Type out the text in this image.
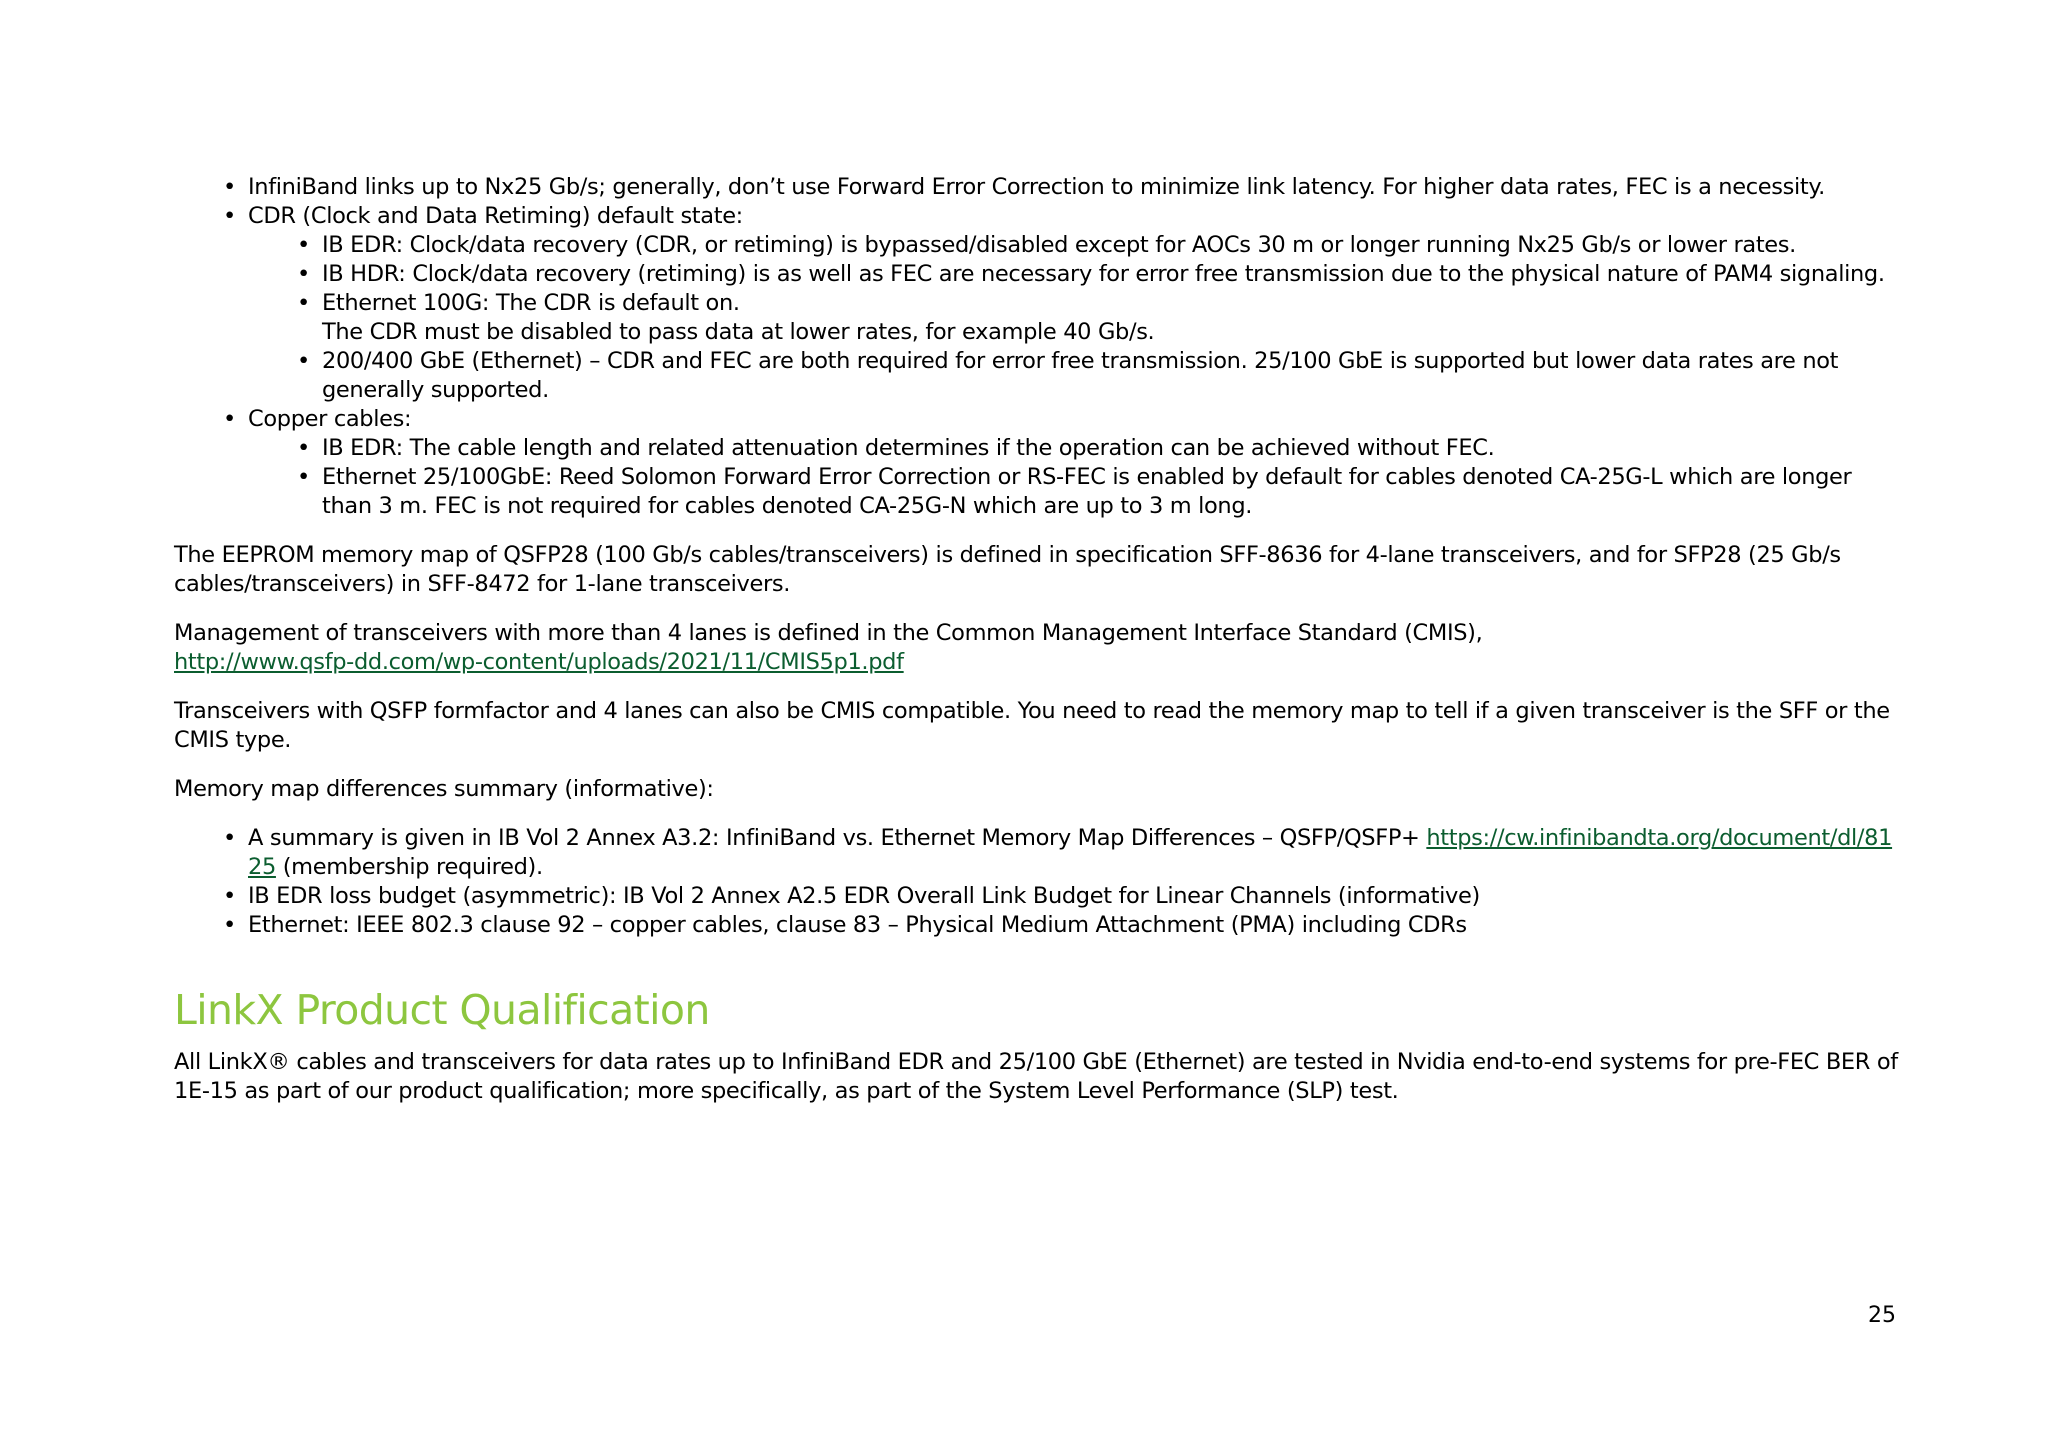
• InfiniBand links up to Nx25 Gb/s; generally, don’t use Forward Error Correction to minimize link latency. For higher data rates, FEC is a necessity.
• CDR (Clock and Data Retiming) default state:
• IB EDR: Clock/data recovery (CDR, or retiming) is bypassed/disabled except for AOCs 30 m or longer running Nx25 Gb/s or lower rates.
• IB HDR: Clock/data recovery (retiming) is as well as FEC are necessary for error free transmission due to the physical nature of PAM4 signaling.
• Ethernet 100G: The CDR is default on.
The CDR must be disabled to pass data at lower rates, for example 40 Gb/s.
• 200/400 GbE (Ethernet) – CDR and FEC are both required for error free transmission. 25/100 GbE is supported but lower data rates are not generally supported.
• Copper cables:
• IB EDR: The cable length and related attenuation determines if the operation can be achieved without FEC.
• Ethernet 25/100GbE: Reed Solomon Forward Error Correction or RS-FEC is enabled by default for cables denoted CA-25G-L which are longer than 3 m. FEC is not required for cables denoted CA-25G-N which are up to 3 m long.

The EEPROM memory map of QSFP28 (100 Gb/s cables/transceivers) is defined in specification SFF-8636 for 4-lane transceivers, and for SFP28 (25 Gb/s cables/transceivers) in SFF-8472 for 1-lane transceivers.

Management of transceivers with more than 4 lanes is defined in the Common Management Interface Standard (CMIS),
http://www.qsfp-dd.com/wp-content/uploads/2021/11/CMIS5p1.pdf

Transceivers with QSFP formfactor and 4 lanes can also be CMIS compatible. You need to read the memory map to tell if a given transceiver is the SFF or the CMIS type.

Memory map differences summary (informative):

• A summary is given in IB Vol 2 Annex A3.2: InfiniBand vs. Ethernet Memory Map Differences – QSFP/QSFP+ https://cw.infinibandta.org/document/dl/8125 (membership required).
• IB EDR loss budget (asymmetric): IB Vol 2 Annex A2.5 EDR Overall Link Budget for Linear Channels (informative)
• Ethernet: IEEE 802.3 clause 92 – copper cables, clause 83 – Physical Medium Attachment (PMA) including CDRs
LinkX Product Qualification

All LinkX® cables and transceivers for data rates up to InfiniBand EDR and 25/100 GbE (Ethernet) are tested in Nvidia end-to-end systems for pre-FEC BER of 1E-15 as part of our product qualification; more specifically, as part of the System Level Performance (SLP) test.

25
